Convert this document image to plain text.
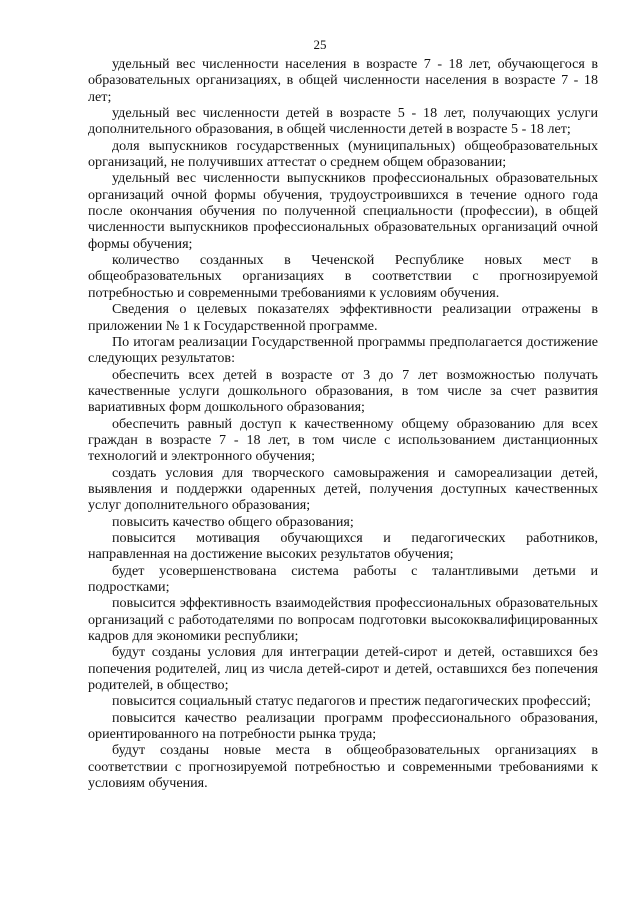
25

удельный вес численности населения в возрасте 7 - 18 лет, обучающегося в образовательных организациях, в общей численности населения в возрасте 7 - 18 лет;

удельный вес численности детей в возрасте 5 - 18 лет, получающих услуги дополнительного образования, в общей численности детей в возрасте 5 - 18 лет;

доля выпускников государственных (муниципальных) общеобразовательных организаций, не получивших аттестат о среднем общем образовании;

удельный вес численности выпускников профессиональных образовательных организаций очной формы обучения, трудоустроившихся в течение одного года после окончания обучения по полученной специальности (профессии), в общей численности выпускников профессиональных образовательных организаций очной формы обучения;

количество созданных в Чеченской Республике новых мест в общеобразовательных организациях в соответствии с прогнозируемой потребностью и современными требованиями к условиям обучения.

Сведения о целевых показателях эффективности реализации отражены в приложении № 1 к Государственной программе.

По итогам реализации Государственной программы предполагается достижение следующих результатов:

обеспечить всех детей в возрасте от 3 до 7 лет возможностью получать качественные услуги дошкольного образования, в том числе за счет развития вариативных форм дошкольного образования;

обеспечить равный доступ к качественному общему образованию для всех граждан в возрасте 7 - 18 лет, в том числе с использованием дистанционных технологий и электронного обучения;

создать условия для творческого самовыражения и самореализации детей, выявления и поддержки одаренных детей, получения доступных качественных услуг дополнительного образования;

повысить качество общего образования;

повысится мотивация обучающихся и педагогических работников, направленная на достижение высоких результатов обучения;

будет усовершенствована система работы с талантливыми детьми и подростками;

повысится эффективность взаимодействия профессиональных образовательных организаций с работодателями по вопросам подготовки высококвалифицированных кадров для экономики республики;

будут созданы условия для интеграции детей-сирот и детей, оставшихся без попечения родителей, лиц из числа детей-сирот и детей, оставшихся без попечения родителей, в общество;

повысится социальный статус педагогов и престиж педагогических профессий;

повысится качество реализации программ профессионального образования, ориентированного на потребности рынка труда;

будут созданы новые места в общеобразовательных организациях в соответствии с прогнозируемой потребностью и современными требованиями к условиям обучения.
